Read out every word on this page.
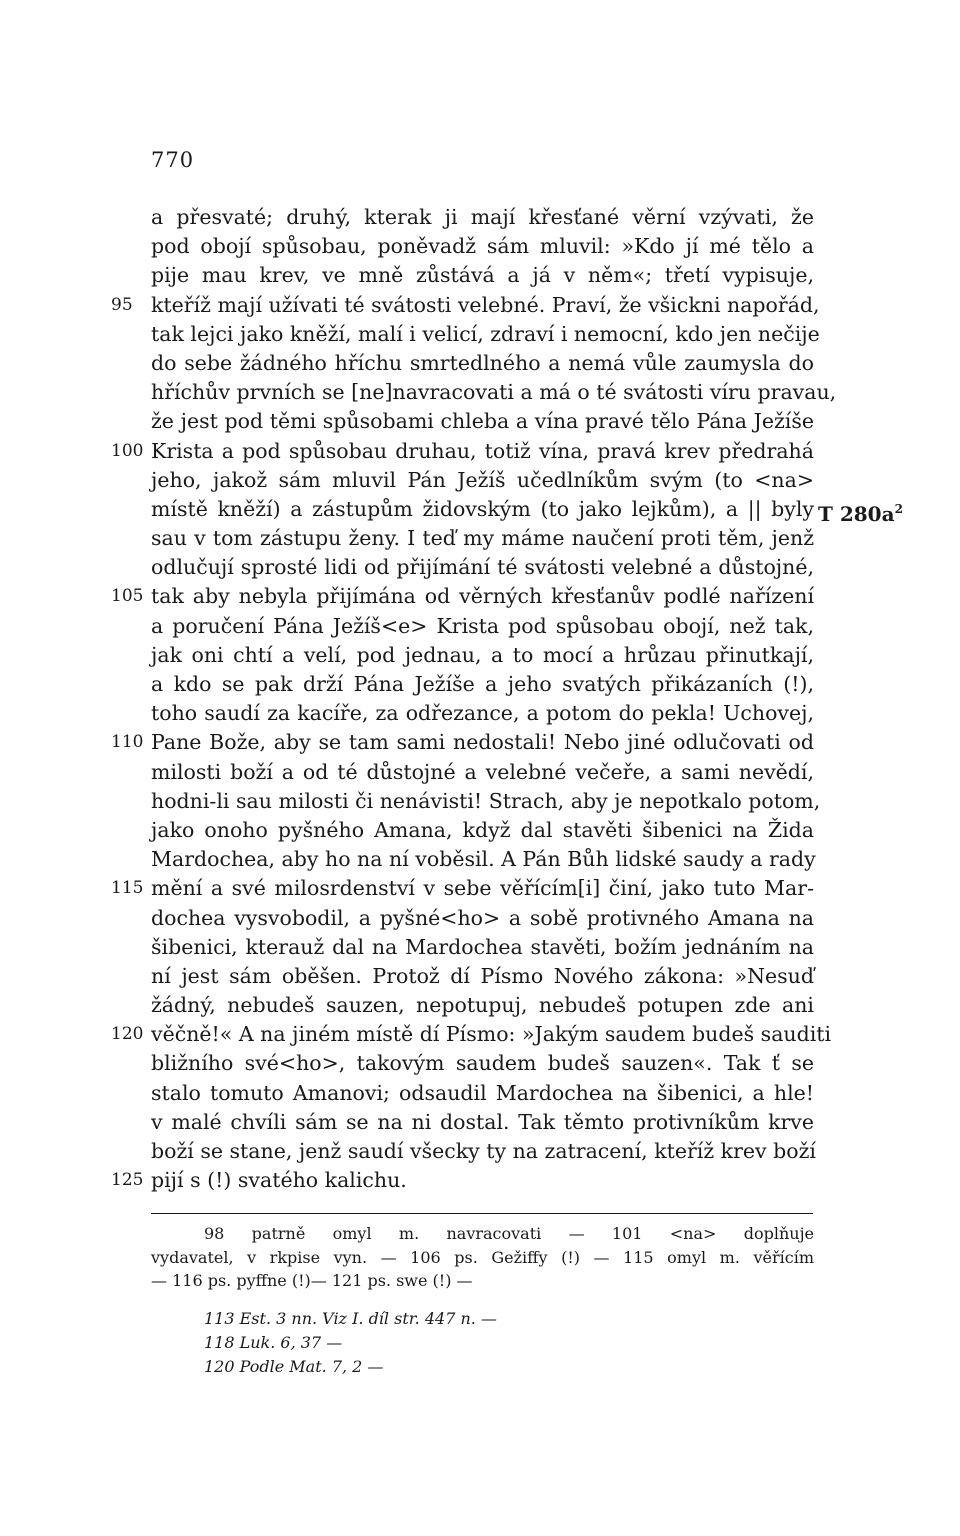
770
a přesvaté; druhý, kterak ji mají křesťané věrní vzývati, že
pod obojí spůsobau, poněvadž sám mluvil: »Kdo jí mé tělo a
pije mau krev, ve mně zůstává a já v něm«; třetí vypisuje,
95 kteříž mají užívati té svátosti velebné. Praví, že všickni napořád,
tak lejci jako kněží, malí i velicí, zdraví i nemocní, kdo jen nečije
do sebe žádného hříchu smrtedlného a nemá vůle zaumysla do
hříchův prvních se [ne]navracovati a má o té svátosti víru pravau,
že jest pod těmi spůsobami chleba a vína pravé tělo Pána Ježíše
100 Krista a pod spůsobau druhau, totiž vína, pravá krev předrahá
jeho, jakož sám mluvil Pán Ježíš učedlníkům svým (to <na>
místě kněží) a zástupům židovským (to jako lejkům), a || byly T $280a^2$
sau v tom zástupu ženy. I teď my máme naučení proti těm, jenž
odlučují sprosté lidi od přijímání té svátosti velebné a důstojné,
105 tak aby nebyla přijímána od věrných křesťanův podlé nařízení
a poručení Pána Ježíš<e> Krista pod spůsobau obojí, než tak,
jak oni chtí a velí, pod jednau, a to mocí a hrůzau přinutkají,
a kdo se pak drží Pána Ježíše a jeho svatých přikázaních (!),
toho saudí za kacíře, za odřezance, a potom do pekla! Uchovej,
110 Pane Bože, aby se tam sami nedostali! Nebo jiné odlučovati od
milosti boží a od té důstojné a velebné večeře, a sami nevědí,
hodni-li sau milosti či nenávisti! Strach, aby je nepotkalo potom,
jako onoho pyšného Amana, když dal stavěti šibenici na Žida
Mardochea, aby ho na ní voběsil. A Pán Bůh lidské saudy a rady
115 mění a své milosrdenství v sebe věřícím[i] činí, jako tuto Mar-
dochea vysvobodil, a pyšné<ho> a sobě protivného Amana na
šibenici, kterauž dal na Mardochea stavěti, božím jednáním na
ní jest sám oběšen. Protož dí Písmo Nového zákona: »Nesuď
žádný, nebudeš sauzen, nepotupuj, nebudeš potupen zde ani
120 věčně!« A na jiném místě dí Písmo: »Jakým saudem budeš sauditi
bližního své<ho>, takovým saudem budeš sauzen«. Tak ť se
stalo tomuto Amanovi; odsaudil Mardochea na šibenici, a hle!
v malé chvíli sám se na ni dostal. Tak těmto protivníkům krve
boží se stane, jenž saudí všecky ty na zatracení, kteříž krev boží
125 pijí s (!) svatého kalichu.
98 patrně omyl m. navracovati — 101 <na> doplňuje
vydavatel, v rkpise vyn. — 106 ps. Gežiffy (!) — 115 omyl m. věřícím
— 116 ps. pyffne (!)— 121 ps. swe (!) —
113 Est. 3 nn. Viz I. díl str. 447 n. —
118 Luk. 6, 37 —
120 Podle Mat. 7, 2 —
